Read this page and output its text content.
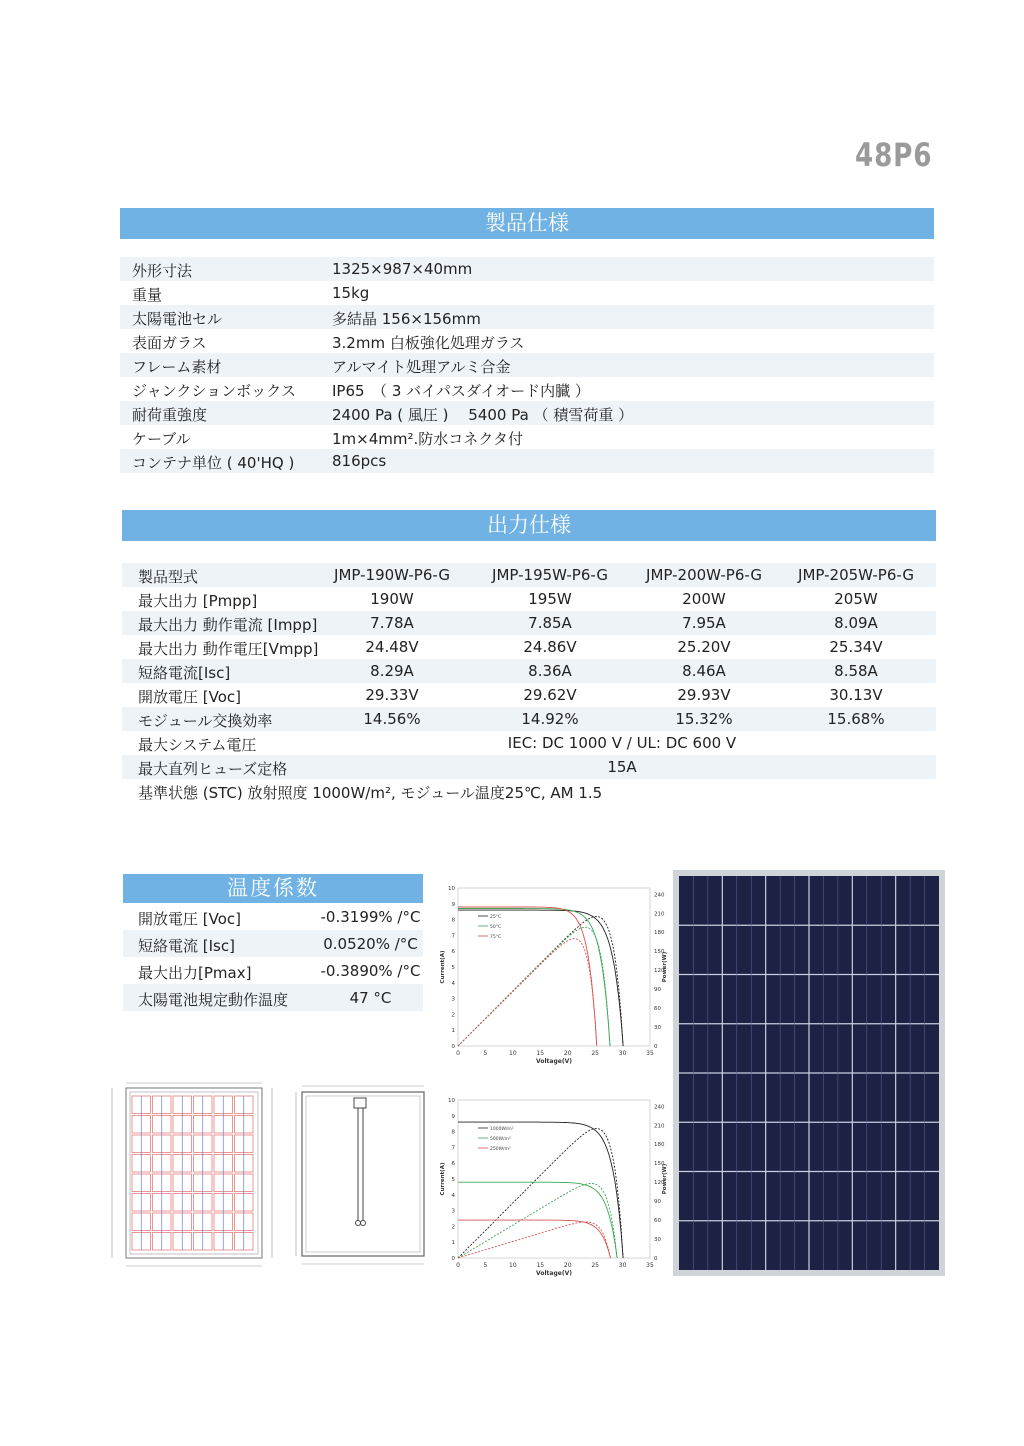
48P6
製品仕様
外形寸法	1325×987×40mm
重量	15kg
太陽電池セル	多結晶 156×156mm
表面ガラス	3.2mm 白板強化処理ガラス
フレーム素材	アルマイト処理アルミ合金
ジャンクションボックス IP65　（ 3 バイパスダイオード内臓 ）
耐荷重強度	2400 Pa ( 風圧 )　 5400 Pa （ 積雪荷重 ）
ケーブル	1m×4mm².防水コネクタ付
コンテナ単位 ( 40'HQ )	816pcs
出力仕様
製品型式	JMP-190W-P6-G	JMP-195W-P6-G	JMP-200W-P6-G	JMP-205W-P6-G
最大出力 [Pmpp]	190W	195W	200W	205W
最大出力 動作電流 [Impp]	7.78A	7.85A	7.95A	8.09A
最大出力 動作電圧[Vmpp]	24.48V	24.86V	25.20V	25.34V
短絡電流[Isc]	8.29A	8.36A	8.46A	8.58A
開放電圧 [Voc]	29.33V	29.62V	29.93V	30.13V
モジュール交換効率	14.56%	14.92%	15.32%	15.68%
最大システム電圧	IEC: DC 1000 V / UL: DC 600 V
最大直列ヒューズ定格	15A
基準状態 (STC) 放射照度 1000W/m², モジュール温度25℃, AM 1.5
温度係数
開放電圧 [Voc]	-0.3199% /°C
短絡電流 [Isc]	0.0520% /°C
最大出力[Pmax]	-0.3890% /°C
太陽電池規定動作温度	47 °C
0	5	10	15	20	25	30	35
0
1
2
3
4
5
6
7
8
9
10
0
30
60
90
120
150
180
210
240
Voltage(V)
Current(A)	Power(W)
25°C
50°C
75°C
0	5	10	15	20	25	30	35
0
1
2
3
4
5
6
7
8
9
10
0
30
60
90
120
150
180
210
240
Voltage(V)
Current(A)	Power(W)
1000W/m²
500W/m²
250W/m²
